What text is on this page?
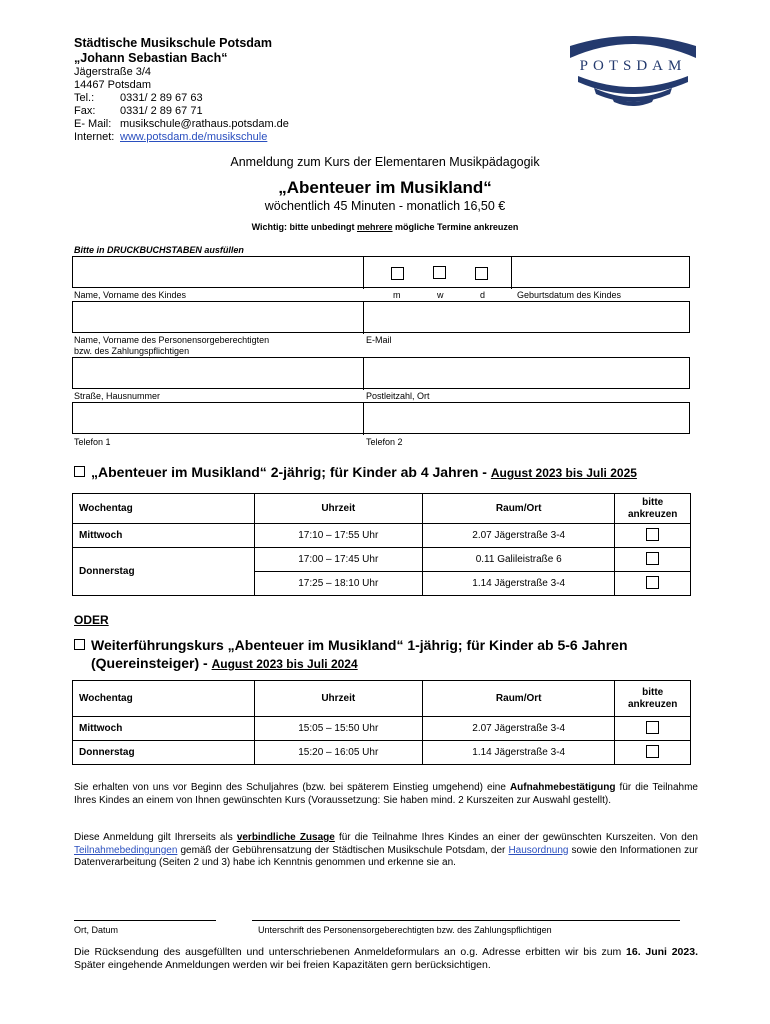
Städtische Musikschule Potsdam
„Johann Sebastian Bach“
Jägerstraße 3/4
14467 Potsdam
Tel.:	0331/ 2 89 67 63
Fax:	0331/ 2 89 67 71
E- Mail: musikschule@rathaus.potsdam.de
Internet: www.potsdam.de/musikschule
POTSDAM
Anmeldung zum Kurs der Elementaren Musikpädagogik
„Abenteuer im Musikland“
wöchentlich 45 Minuten - monatlich 16,50 €
Wichtig: bitte unbedingt mehrere mögliche Termine ankreuzen
Bitte in DRUCKBUCHSTABEN ausfüllen
Name, Vorname des Kindes	m	w	d	Geburtsdatum des Kindes
Name, Vorname des Personensorgeberechtigten
bzw. des Zahlungspflichtigen
E-Mail
Straße, Hausnummer	Postleitzahl, Ort
Telefon 1	Telefon 2
„Abenteuer im Musikland“ 2-jährig; für Kinder ab 4 Jahren - August 2023 bis Juli 2025
Wochentag	Uhrzeit	Raum/Ort	bitte
ankreuzen

Mittwoch	17:10 – 17:55 Uhr	2.07 Jägerstraße 3-4	
Donnerstag	17:00 – 17:45 Uhr	0.11 Galileistraße 6	
	17:25 – 18:10 Uhr	1.14 Jägerstraße 3-4	
ODER
Weiterführungskurs „Abenteuer im Musikland“ 1-jährig; für Kinder ab 5-6 Jahren
(Quereinsteiger) - August 2023 bis Juli 2024
Wochentag	Uhrzeit	Raum/Ort	bitte
ankreuzen

Mittwoch	15:05 – 15:50 Uhr	2.07 Jägerstraße 3-4	
Donnerstag	15:20 – 16:05 Uhr	1.14 Jägerstraße 3-4	
Sie erhalten von uns vor Beginn des Schuljahres (bzw. bei späterem Einstieg umgehend) eine Aufnahmebestätigung für die Teilnahme Ihres Kindes an einem von Ihnen gewünschten Kurs (Voraussetzung: Sie haben mind. 2 Kurszeiten zur Auswahl gestellt).
Diese Anmeldung gilt Ihrerseits als verbindliche Zusage für die Teilnahme Ihres Kindes an einer der gewünschten Kurszeiten. Von den Teilnahmebedingungen gemäß der Gebührensatzung der Städtischen Musikschule Potsdam, der Hausordnung sowie den Informationen zur Datenverarbeitung (Seiten 2 und 3) habe ich Kenntnis genommen und erkenne sie an.
Ort, Datum	Unterschrift des Personensorgeberechtigten bzw. des Zahlungspflichtigen
Die Rücksendung des ausgefüllten und unterschriebenen Anmeldeformulars an o.g. Adresse erbitten wir bis zum 16. Juni 2023. Später eingehende Anmeldungen werden wir bei freien Kapazitäten gern berücksichtigen.
